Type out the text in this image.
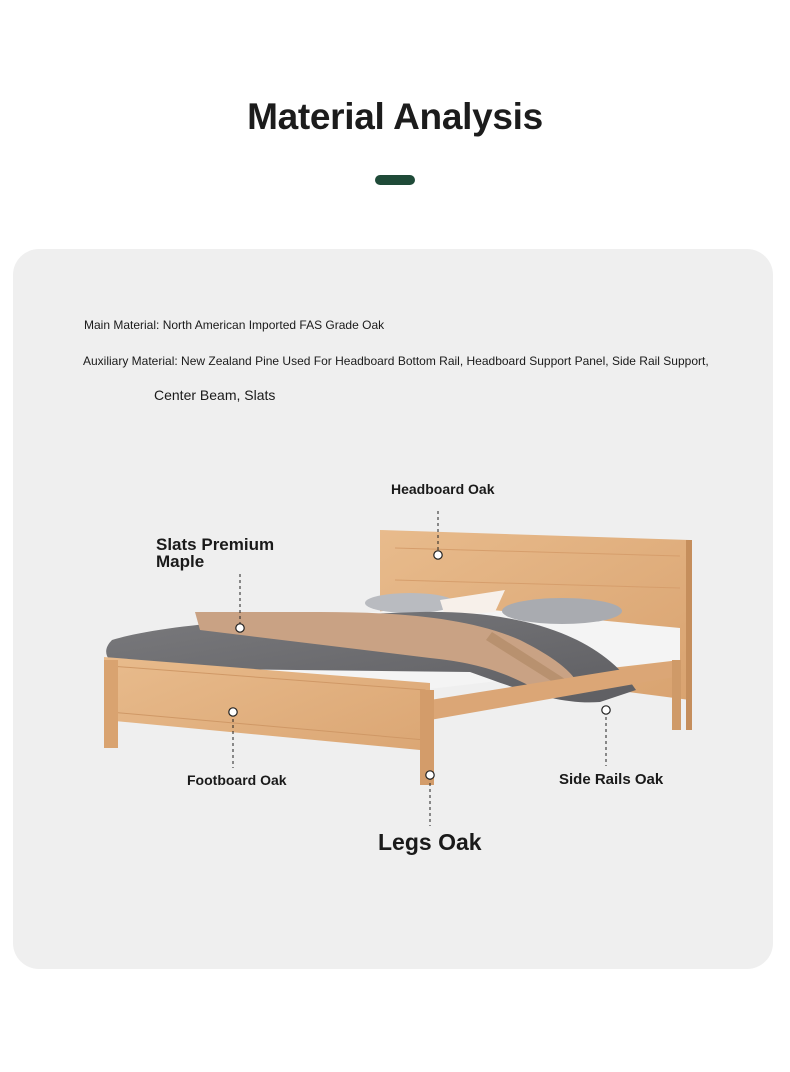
Material Analysis
Main Material: North American Imported FAS Grade Oak
Auxiliary Material: New Zealand Pine Used For Headboard Bottom Rail, Headboard Support Panel, Side Rail Support,
Center Beam, Slats
Headboard Oak
Slats Premium Maple
Footboard Oak	Side Rails Oak
Legs Oak
